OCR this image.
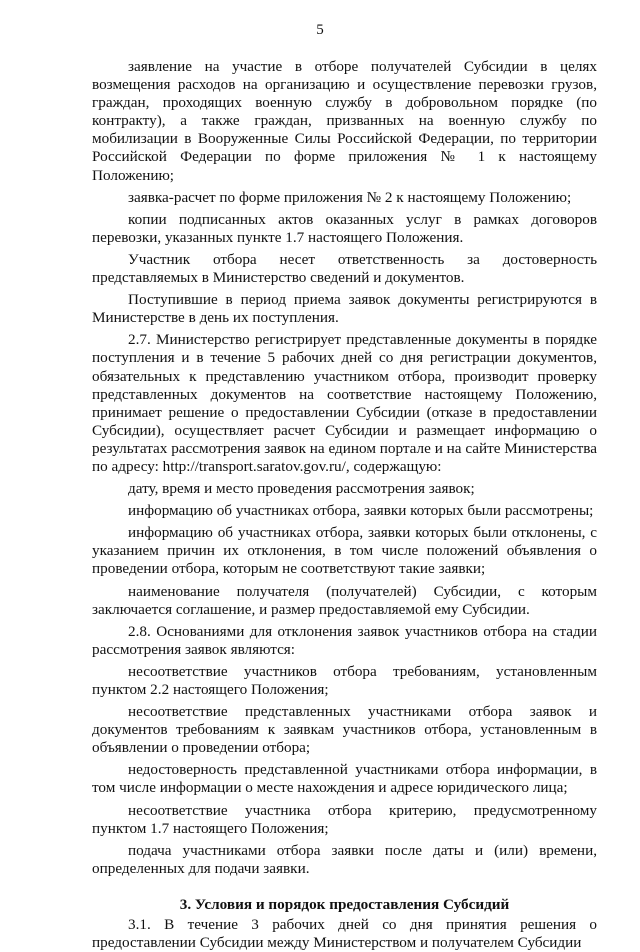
5

заявление на участие в отборе получателей Субсидии в целях возмещения расходов на организацию и осуществление перевозки грузов, граждан, проходящих военную службу в добровольном порядке (по контракту), а также граждан, призванных на военную службу по мобилизации в Вооруженные Силы Российской Федерации, по территории Российской Федерации по форме приложения № 1 к настоящему Положению;

заявка-расчет по форме приложения № 2 к настоящему Положению;

копии подписанных актов оказанных услуг в рамках договоров перевозки, указанных пункте 1.7 настоящего Положения.

Участник отбора несет ответственность за достоверность представляемых в Министерство сведений и документов.

Поступившие в период приема заявок документы регистрируются в Министерстве в день их поступления.

2.7. Министерство регистрирует представленные документы в порядке поступления и в течение 5 рабочих дней со дня регистрации документов, обязательных к представлению участником отбора, производит проверку представленных документов на соответствие настоящему Положению, принимает решение о предоставлении Субсидии (отказе в предоставлении Субсидии), осуществляет расчет Субсидии и размещает информацию о результатах рассмотрения заявок на едином портале и на сайте Министерства по адресу: http://transport.saratov.gov.ru/, содержащую:

дату, время и место проведения рассмотрения заявок;

информацию об участниках отбора, заявки которых были рассмотрены;

информацию об участниках отбора, заявки которых были отклонены, с указанием причин их отклонения, в том числе положений объявления о проведении отбора, которым не соответствуют такие заявки;

наименование получателя (получателей) Субсидии, с которым заключается соглашение, и размер предоставляемой ему Субсидии.

2.8. Основаниями для отклонения заявок участников отбора на стадии рассмотрения заявок являются:

несоответствие участников отбора требованиям, установленным пунктом 2.2 настоящего Положения;

несоответствие представленных участниками отбора заявок и документов требованиям к заявкам участников отбора, установленным в объявлении о проведении отбора;

недостоверность представленной участниками отбора информации, в том числе информации о месте нахождения и адресе юридического лица;

несоответствие участника отбора критерию, предусмотренному пунктом 1.7 настоящего Положения;

подача участниками отбора заявки после даты и (или) времени, определенных для подачи заявки.

3. Условия и порядок предоставления Субсидий

3.1. В течение 3 рабочих дней со дня принятия решения о предоставлении Субсидии между Министерством и получателем Субсидии
